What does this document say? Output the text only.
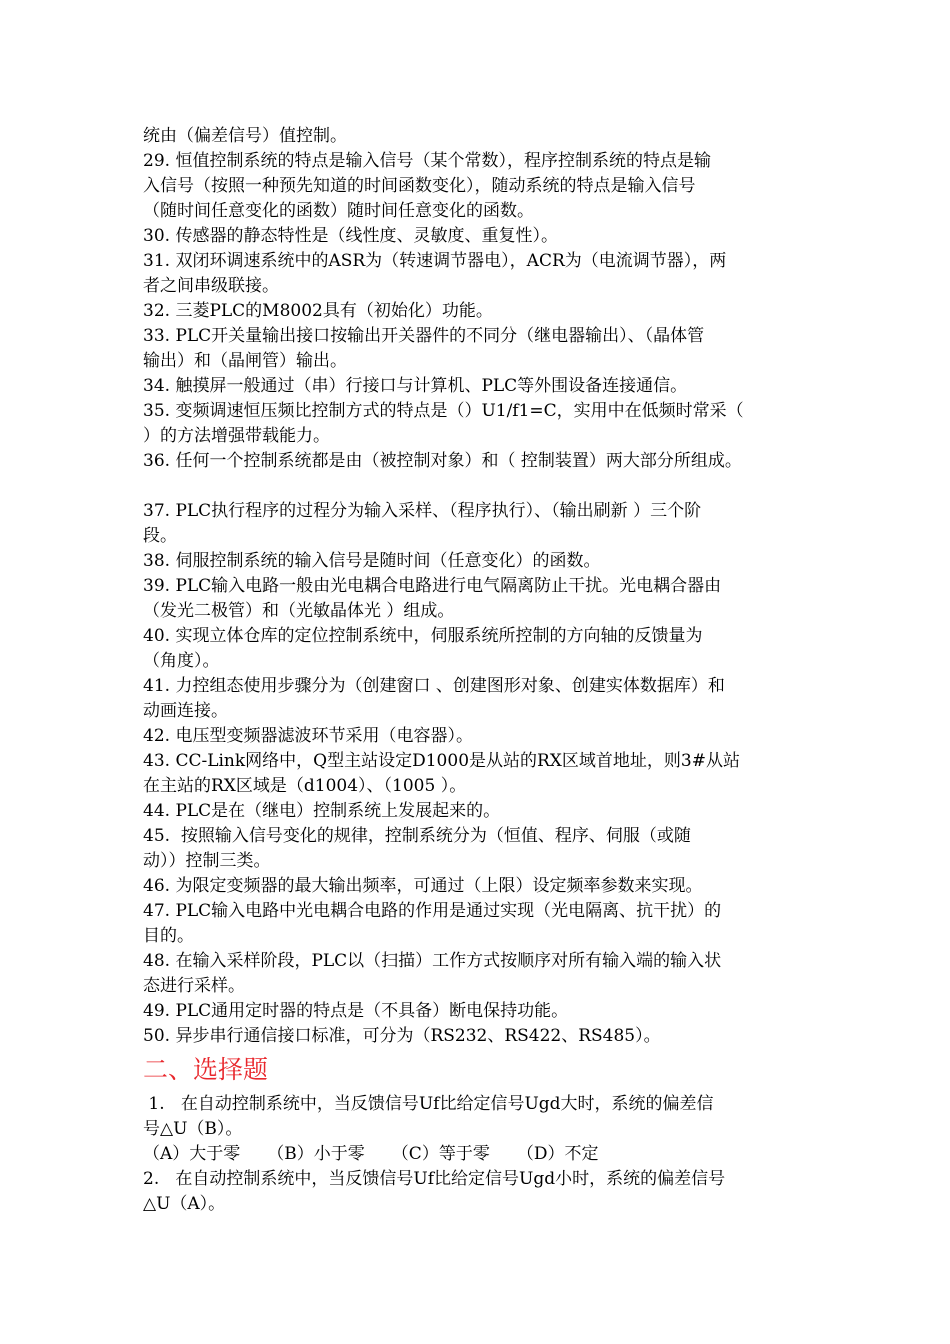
统由（偏差信号）值控制。
29. 恒值控制系统的特点是输入信号（某个常数），程序控制系统的特点是输
入信号（按照一种预先知道的时间函数变化），随动系统的特点是输入信号
（随时间任意变化的函数）随时间任意变化的函数。
30. 传感器的静态特性是（线性度、灵敏度、重复性）。
31. 双闭环调速系统中的ASR为（转速调节器电），ACR为（电流调节器），两
者之间串级联接。
32. 三菱PLC的M8002具有（初始化）功能。
33. PLC开关量输出接口按输出开关器件的不同分（继电器输出）、（晶体管
输出）和（晶闸管）输出。
34. 触摸屏一般通过（串）行接口与计算机、PLC等外围设备连接通信。
35. 变频调速恒压频比控制方式的特点是（）U1/f1=C，实用中在低频时常采（
）的方法增强带载能力。
36. 任何一个控制系统都是由（被控制对象）和（ 控制装置）两大部分所组成。
37. PLC执行程序的过程分为输入采样、（程序执行）、（输出刷新 ）三个阶
段。
38. 伺服控制系统的输入信号是随时间（任意变化）的函数。
39. PLC输入电路一般由光电耦合电路进行电气隔离防止干扰。光电耦合器由
（发光二极管）和（光敏晶体光 ）组成。
40. 实现立体仓库的定位控制系统中，伺服系统所控制的方向轴的反馈量为
（角度）。
41. 力控组态使用步骤分为（创建窗口 、创建图形对象、创建实体数据库）和
动画连接。
42. 电压型变频器滤波环节采用（电容器）。
43. CC-Link网络中，Q型主站设定D1000是从站的RX区域首地址，则3#从站
在主站的RX区域是（d1004）、（1005 ）。
44. PLC是在（继电）控制系统上发展起来的。
45.  按照输入信号变化的规律，控制系统分为（恒值、程序、伺服（或随
动））控制三类。
46. 为限定变频器的最大输出频率，可通过（上限）设定频率参数来实现。
47. PLC输入电路中光电耦合电路的作用是通过实现（光电隔离、抗干扰）的
目的。
48. 在输入采样阶段，PLC以（扫描）工作方式按顺序对所有输入端的输入状
态进行采样。
49. PLC通用定时器的特点是（不具备）断电保持功能。
50. 异步串行通信接口标准，可分为（RS232、RS422、RS485）。
二、选择题
1.   在自动控制系统中，当反馈信号Uf比给定信号Ugd大时，系统的偏差信
号△U（B）。
（A）大于零     （B）小于零     （C）等于零     （D）不定
2.   在自动控制系统中，当反馈信号Uf比给定信号Ugd小时，系统的偏差信号
△U（A）。
